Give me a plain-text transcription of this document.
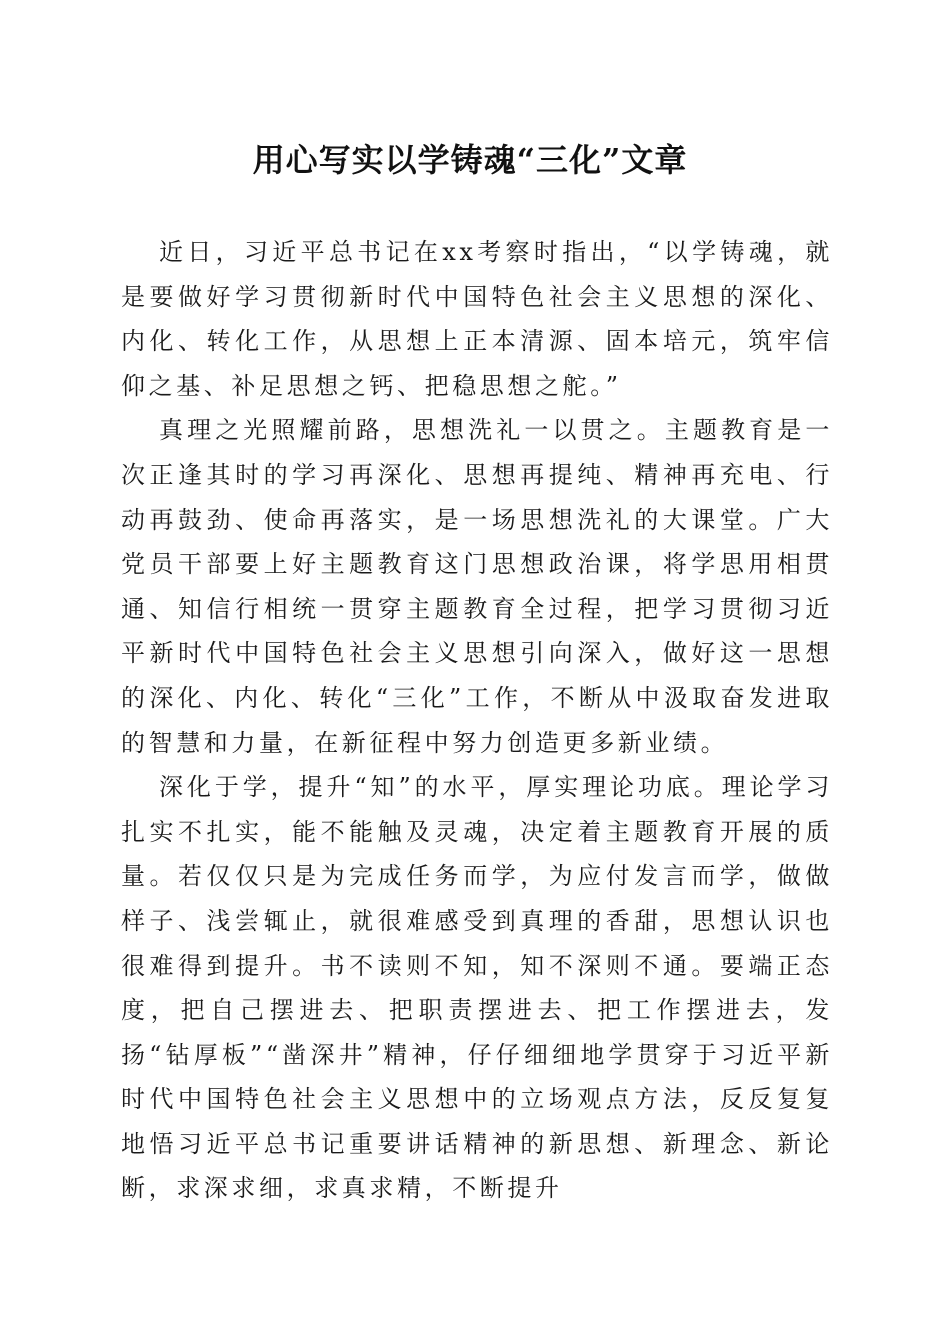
用心写实以学铸魂“三化”文章

近日，习近平总书记在xx考察时指出，“以学铸魂，就是要做好学习贯彻新时代中国特色社会主义思想的深化、内化、转化工作，从思想上正本清源、固本培元，筑牢信仰之基、补足思想之钙、把稳思想之舵。”

真理之光照耀前路，思想洗礼一以贯之。主题教育是一次正逢其时的学习再深化、思想再提纯、精神再充电、行动再鼓劲、使命再落实，是一场思想洗礼的大课堂。广大党员干部要上好主题教育这门思想政治课，将学思用相贯通、知信行相统一贯穿主题教育全过程，把学习贯彻习近平新时代中国特色社会主义思想引向深入，做好这一思想的深化、内化、转化“三化”工作，不断从中汲取奋发进取的智慧和力量，在新征程中努力创造更多新业绩。

深化于学，提升“知”的水平，厚实理论功底。理论学习扎实不扎实，能不能触及灵魂，决定着主题教育开展的质量。若仅仅只是为完成任务而学，为应付发言而学，做做样子、浅尝辄止，就很难感受到真理的香甜，思想认识也很难得到提升。书不读则不知，知不深则不通。要端正态度，把自己摆进去、把职责摆进去、把工作摆进去，发扬“钻厚板”“凿深井”精神，仔仔细细地学贯穿于习近平新时代中国特色社会主义思想中的立场观点方法，反反复复地悟习近平总书记重要讲话精神的新思想、新理念、新论断，求深求细，求真求精，不断提升
